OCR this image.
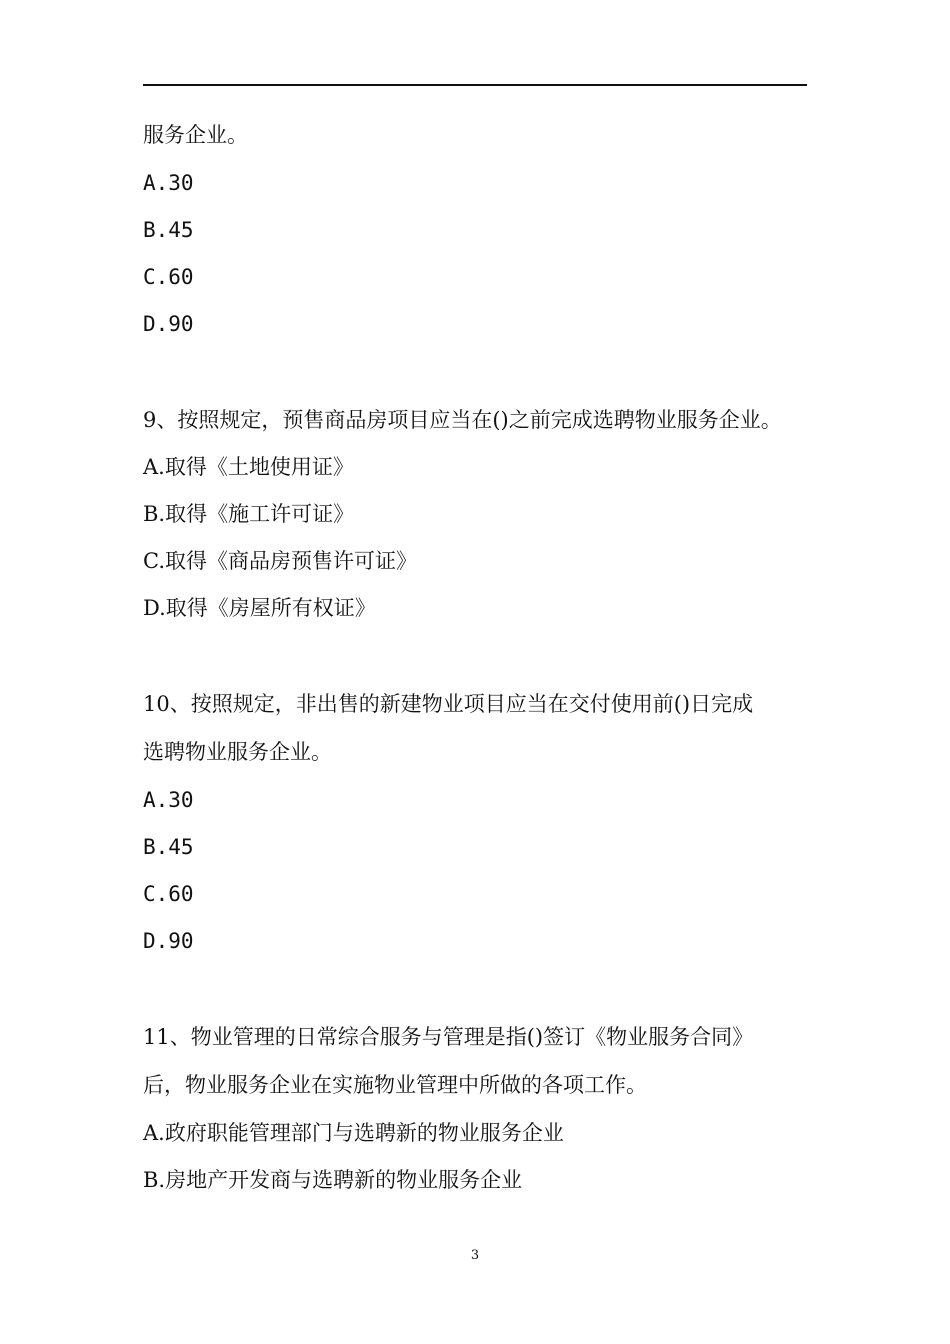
服务企业。
A.30
B.45
C.60
D.90
9、按照规定，预售商品房项目应当在()之前完成选聘物业服务企业。
A.取得《土地使用证》
B.取得《施工许可证》
C.取得《商品房预售许可证》
D.取得《房屋所有权证》
10、按照规定，非出售的新建物业项目应当在交付使用前()日完成
选聘物业服务企业。
A.30
B.45
C.60
D.90
11、物业管理的日常综合服务与管理是指()签订《物业服务合同》
后，物业服务企业在实施物业管理中所做的各项工作。
A.政府职能管理部门与选聘新的物业服务企业
B.房地产开发商与选聘新的物业服务企业
3
